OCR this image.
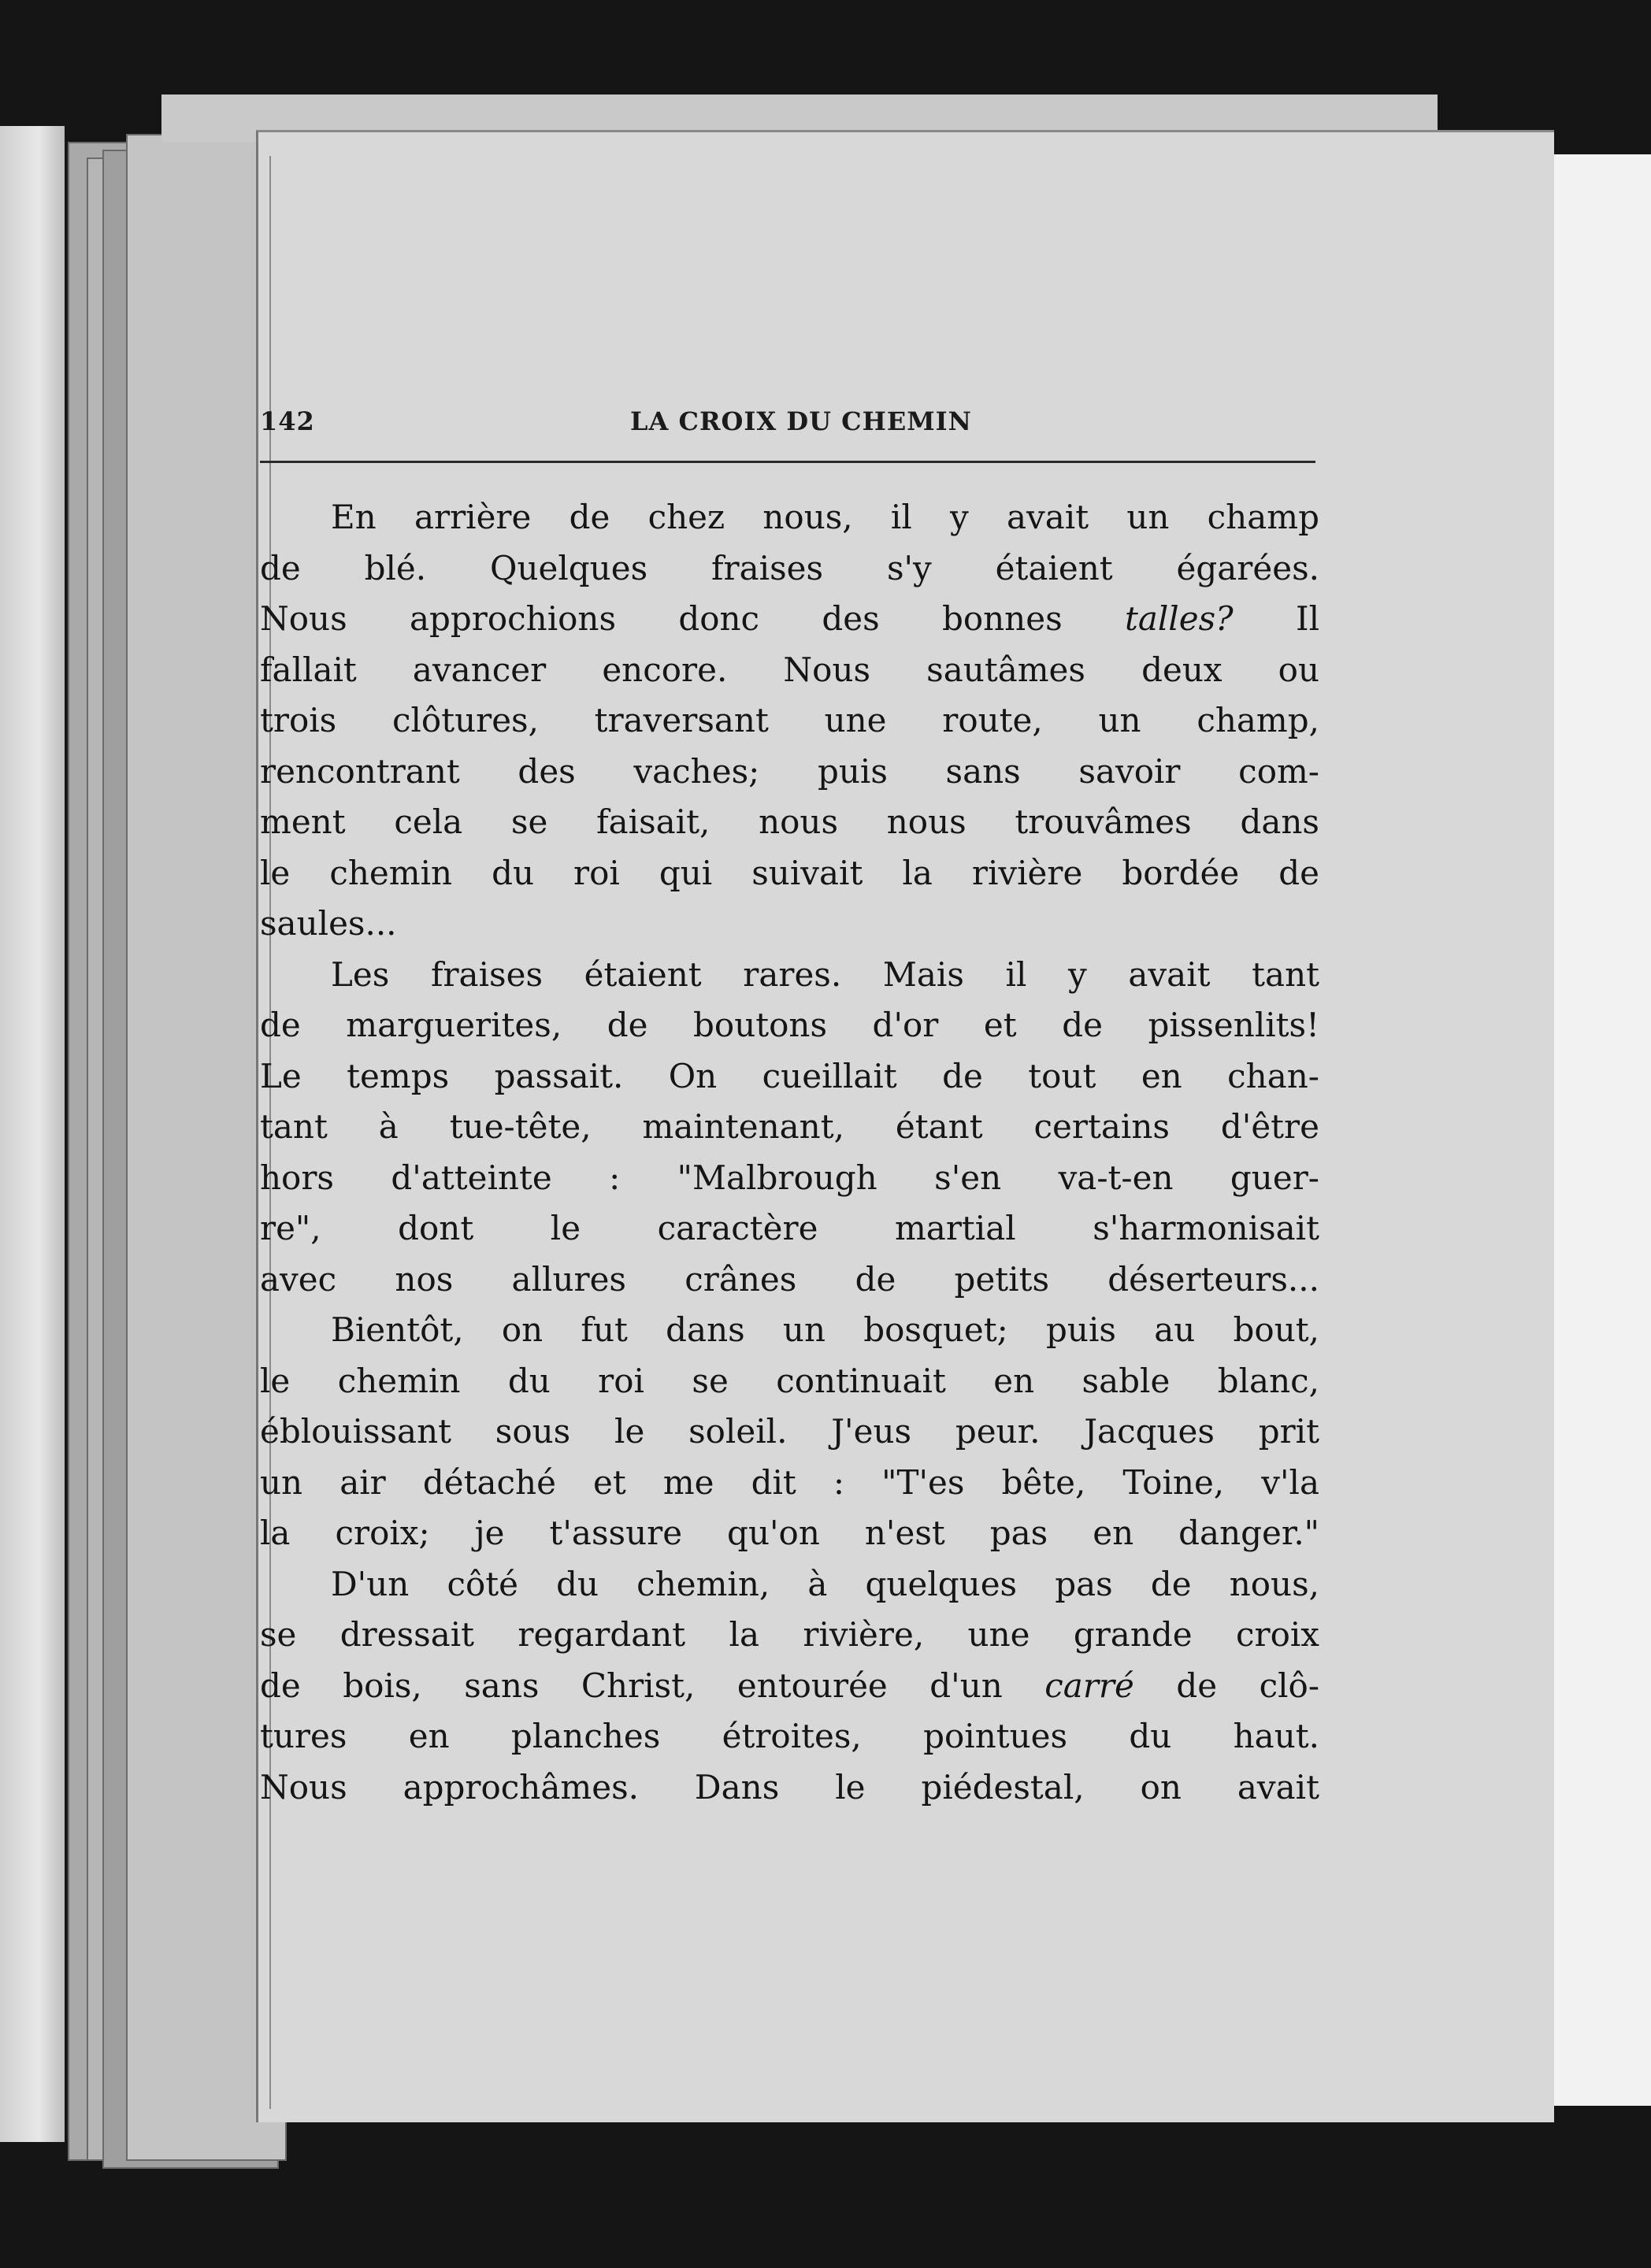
142	LA CROIX DU CHEMIN
En arrière de chez nous, il y avait un champ
de blé. Quelques fraises s'y étaient égarées.
Nous approchions donc des bonnes talles? Il
fallait avancer encore. Nous sautâmes deux ou
trois clôtures, traversant une route, un champ,
rencontrant des vaches; puis sans savoir com-
ment cela se faisait, nous nous trouvâmes dans
le chemin du roi qui suivait la rivière bordée de
saules...
Les fraises étaient rares. Mais il y avait tant
de marguerites, de boutons d'or et de pissenlits!
Le temps passait. On cueillait de tout en chan-
tant à tue-tête, maintenant, étant certains d'être
hors d'atteinte : "Malbrough s'en va-t-en guer-
re", dont le caractère martial s'harmonisait
avec nos allures crânes de petits déserteurs...
Bientôt, on fut dans un bosquet; puis au bout,
le chemin du roi se continuait en sable blanc,
éblouissant sous le soleil. J'eus peur. Jacques prit
un air détaché et me dit : "T'es bête, Toine, v'la
la croix; je t'assure qu'on n'est pas en danger."
D'un côté du chemin, à quelques pas de nous,
se dressait regardant la rivière, une grande croix
de bois, sans Christ, entourée d'un carré de clô-
tures en planches étroites, pointues du haut.
Nous approchâmes. Dans le piédestal, on avait
